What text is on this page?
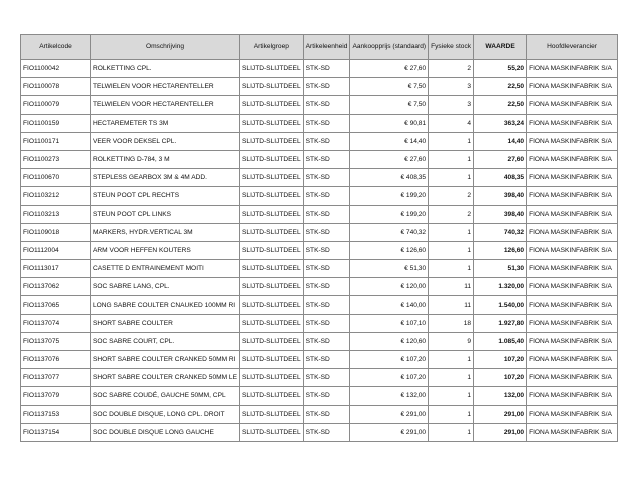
Artikelcode	Omschrijving	Artikelgroep	Artikeleenheid	Aankoopprijs (standaard)	Fysieke stock	WAARDE	Hoofdleverancier
FIO1100042	ROLKETTING CPL.	SLIJTD-SLIJTDEEL	STK-SD	€ 27,60	2	55,20	FIONA MASKINFABRIK S/A
FIO1100078	TELWIELEN VOOR HECTARENTELLER	SLIJTD-SLIJTDEEL	STK-SD	€ 7,50	3	22,50	FIONA MASKINFABRIK S/A
FIO1100079	TELWIELEN VOOR HECTARENTELLER	SLIJTD-SLIJTDEEL	STK-SD	€ 7,50	3	22,50	FIONA MASKINFABRIK S/A
FIO1100159	HECTAREMETER TS 3M	SLIJTD-SLIJTDEEL	STK-SD	€ 90,81	4	363,24	FIONA MASKINFABRIK S/A
FIO1100171	VEER VOOR DEKSEL CPL.	SLIJTD-SLIJTDEEL	STK-SD	€ 14,40	1	14,40	FIONA MASKINFABRIK S/A
FIO1100273	ROLKETTING D-784, 3 M	SLIJTD-SLIJTDEEL	STK-SD	€ 27,60	1	27,60	FIONA MASKINFABRIK S/A
FIO1100670	STEPLESS GEARBOX 3M & 4M ADD.	SLIJTD-SLIJTDEEL	STK-SD	€ 408,35	1	408,35	FIONA MASKINFABRIK S/A
FIO1103212	STEUN POOT CPL RECHTS	SLIJTD-SLIJTDEEL	STK-SD	€ 199,20	2	398,40	FIONA MASKINFABRIK S/A
FIO1103213	STEUN POOT CPL LINKS	SLIJTD-SLIJTDEEL	STK-SD	€ 199,20	2	398,40	FIONA MASKINFABRIK S/A
FIO1109018	MARKERS, HYDR.VERTICAL 3M	SLIJTD-SLIJTDEEL	STK-SD	€ 740,32	1	740,32	FIONA MASKINFABRIK S/A
FIO1112004	ARM VOOR HEFFEN KOUTERS	SLIJTD-SLIJTDEEL	STK-SD	€ 126,60	1	126,60	FIONA MASKINFABRIK S/A
FIO1113017	CASETTE D ENTRAINEMENT MOITI	SLIJTD-SLIJTDEEL	STK-SD	€ 51,30	1	51,30	FIONA MASKINFABRIK S/A
FIO1137062	SOC SABRE LANG, CPL.	SLIJTD-SLIJTDEEL	STK-SD	€ 120,00	11	1.320,00	FIONA MASKINFABRIK S/A
FIO1137065	LONG SABRE COULTER CNAUKED 100MM RI	SLIJTD-SLIJTDEEL	STK-SD	€ 140,00	11	1.540,00	FIONA MASKINFABRIK S/A
FIO1137074	SHORT SABRE COULTER	SLIJTD-SLIJTDEEL	STK-SD	€ 107,10	18	1.927,80	FIONA MASKINFABRIK S/A
FIO1137075	SOC SABRE COURT, CPL.	SLIJTD-SLIJTDEEL	STK-SD	€ 120,60	9	1.085,40	FIONA MASKINFABRIK S/A
FIO1137076	SHORT SABRE COULTER CRANKED 50MM RI	SLIJTD-SLIJTDEEL	STK-SD	€ 107,20	1	107,20	FIONA MASKINFABRIK S/A
FIO1137077	SHORT SABRE COULTER CRANKED 50MM LE	SLIJTD-SLIJTDEEL	STK-SD	€ 107,20	1	107,20	FIONA MASKINFABRIK S/A
FIO1137079	SOC SABRE COUDÉ, GAUCHE 50MM, CPL	SLIJTD-SLIJTDEEL	STK-SD	€ 132,00	1	132,00	FIONA MASKINFABRIK S/A
FIO1137153	SOC DOUBLE DISQUE, LONG CPL. DROIT	SLIJTD-SLIJTDEEL	STK-SD	€ 291,00	1	291,00	FIONA MASKINFABRIK S/A
FIO1137154	SOC DOUBLE DISQUE LONG GAUCHE	SLIJTD-SLIJTDEEL	STK-SD	€ 291,00	1	291,00	FIONA MASKINFABRIK S/A
